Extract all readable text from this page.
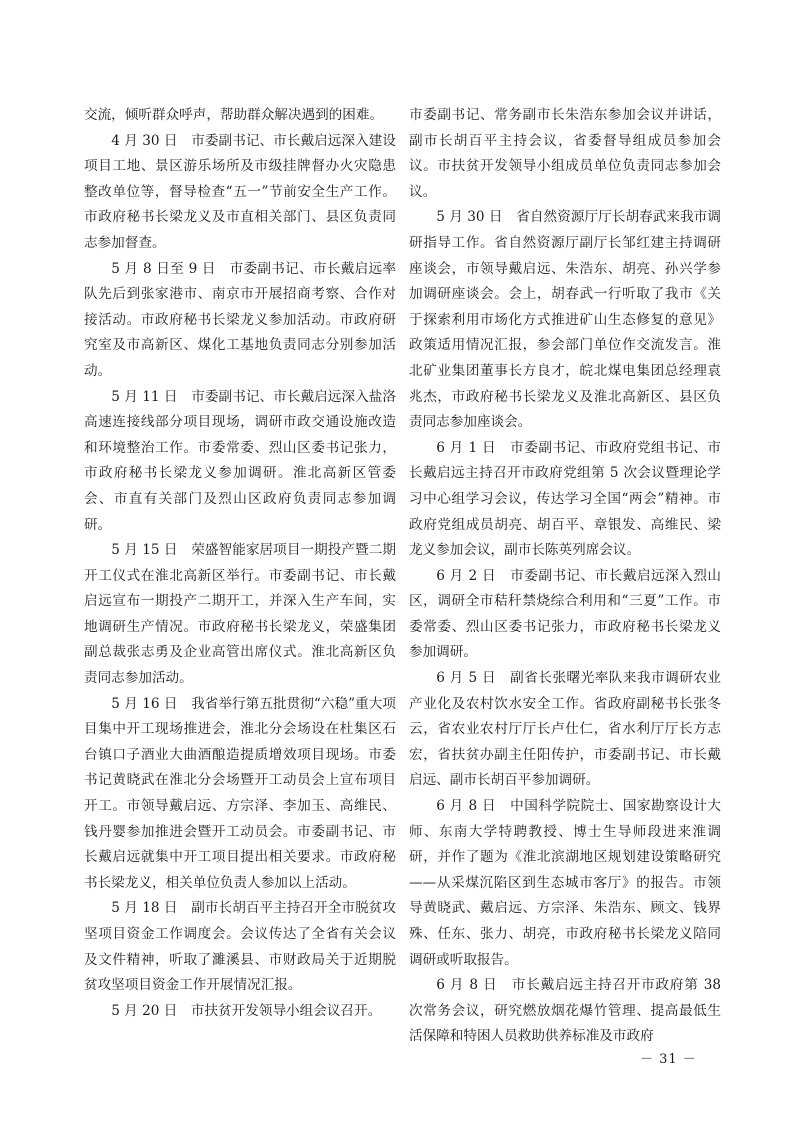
交流，倾听群众呼声，帮助群众解决遇到的困难。

4 月 30 日　市委副书记、市长戴启远深入建设项目工地、景区游乐场所及市级挂牌督办火灾隐患整改单位等，督导检查“五一”节前安全生产工作。市政府秘书长梁龙义及市直相关部门、县区负责同志参加督查。

5 月 8 日至 9 日　市委副书记、市长戴启远率队先后到张家港市、南京市开展招商考察、合作对接活动。市政府秘书长梁龙义参加活动。市政府研究室及市高新区、煤化工基地负责同志分别参加活动。

5 月 11 日　市委副书记、市长戴启远深入盐洛高速连接线部分项目现场，调研市政交通设施改造和环境整治工作。市委常委、烈山区委书记张力，市政府秘书长梁龙义参加调研。淮北高新区管委会、市直有关部门及烈山区政府负责同志参加调研。

5 月 15 日　荣盛智能家居项目一期投产暨二期开工仪式在淮北高新区举行。市委副书记、市长戴启远宣布一期投产二期开工，并深入生产车间，实地调研生产情况。市政府秘书长梁龙义，荣盛集团副总裁张志勇及企业高管出席仪式。淮北高新区负责同志参加活动。

5 月 16 日　我省举行第五批贯彻“六稳”重大项目集中开工现场推进会，淮北分会场设在杜集区石台镇口子酒业大曲酒酿造提质增效项目现场。市委书记黄晓武在淮北分会场暨开工动员会上宣布项目开工。市领导戴启远、方宗泽、李加玉、高维民、钱丹婴参加推进会暨开工动员会。市委副书记、市长戴启远就集中开工项目提出相关要求。市政府秘书长梁龙义，相关单位负责人参加以上活动。

5 月 18 日　副市长胡百平主持召开全市脱贫攻坚项目资金工作调度会。会议传达了全省有关会议及文件精神，听取了濉溪县、市财政局关于近期脱贫攻坚项目资金工作开展情况汇报。

5 月 20 日　市扶贫开发领导小组会议召开。

市委副书记、常务副市长朱浩东参加会议并讲话，副市长胡百平主持会议，省委督导组成员参加会议。市扶贫开发领导小组成员单位负责同志参加会议。

5 月 30 日　省自然资源厅厅长胡春武来我市调研指导工作。省自然资源厅副厅长邹红建主持调研座谈会，市领导戴启远、朱浩东、胡亮、孙兴学参加调研座谈会。会上，胡春武一行听取了我市《关于探索利用市场化方式推进矿山生态修复的意见》政策适用情况汇报，参会部门单位作交流发言。淮北矿业集团董事长方良才，皖北煤电集团总经理袁兆杰，市政府秘书长梁龙义及淮北高新区、县区负责同志参加座谈会。

6 月 1 日　市委副书记、市政府党组书记、市长戴启远主持召开市政府党组第 5 次会议暨理论学习中心组学习会议，传达学习全国“两会”精神。市政府党组成员胡亮、胡百平、章银发、高维民、梁龙义参加会议，副市长陈英列席会议。

6 月 2 日　市委副书记、市长戴启远深入烈山区，调研全市秸秆禁烧综合利用和“三夏”工作。市委常委、烈山区委书记张力，市政府秘书长梁龙义参加调研。

6 月 5 日　副省长张曙光率队来我市调研农业产业化及农村饮水安全工作。省政府副秘书长张冬云，省农业农村厅厅长卢仕仁，省水利厅厅长方志宏，省扶贫办副主任阳传护，市委副书记、市长戴启远、副市长胡百平参加调研。

6 月 8 日　中国科学院院士、国家勘察设计大师、东南大学特聘教授、博士生导师段进来淮调研，并作了题为《淮北滨湖地区规划建设策略研究——从采煤沉陷区到生态城市客厅》的报告。市领导黄晓武、戴启远、方宗泽、朱浩东、顾文、钱界殊、任东、张力、胡亮，市政府秘书长梁龙义陪同调研或听取报告。

6 月 8 日　市长戴启远主持召开市政府第 38 次常务会议，研究燃放烟花爆竹管理、提高最低生活保障和特困人员救助供养标准及市政府

－ 31 －
